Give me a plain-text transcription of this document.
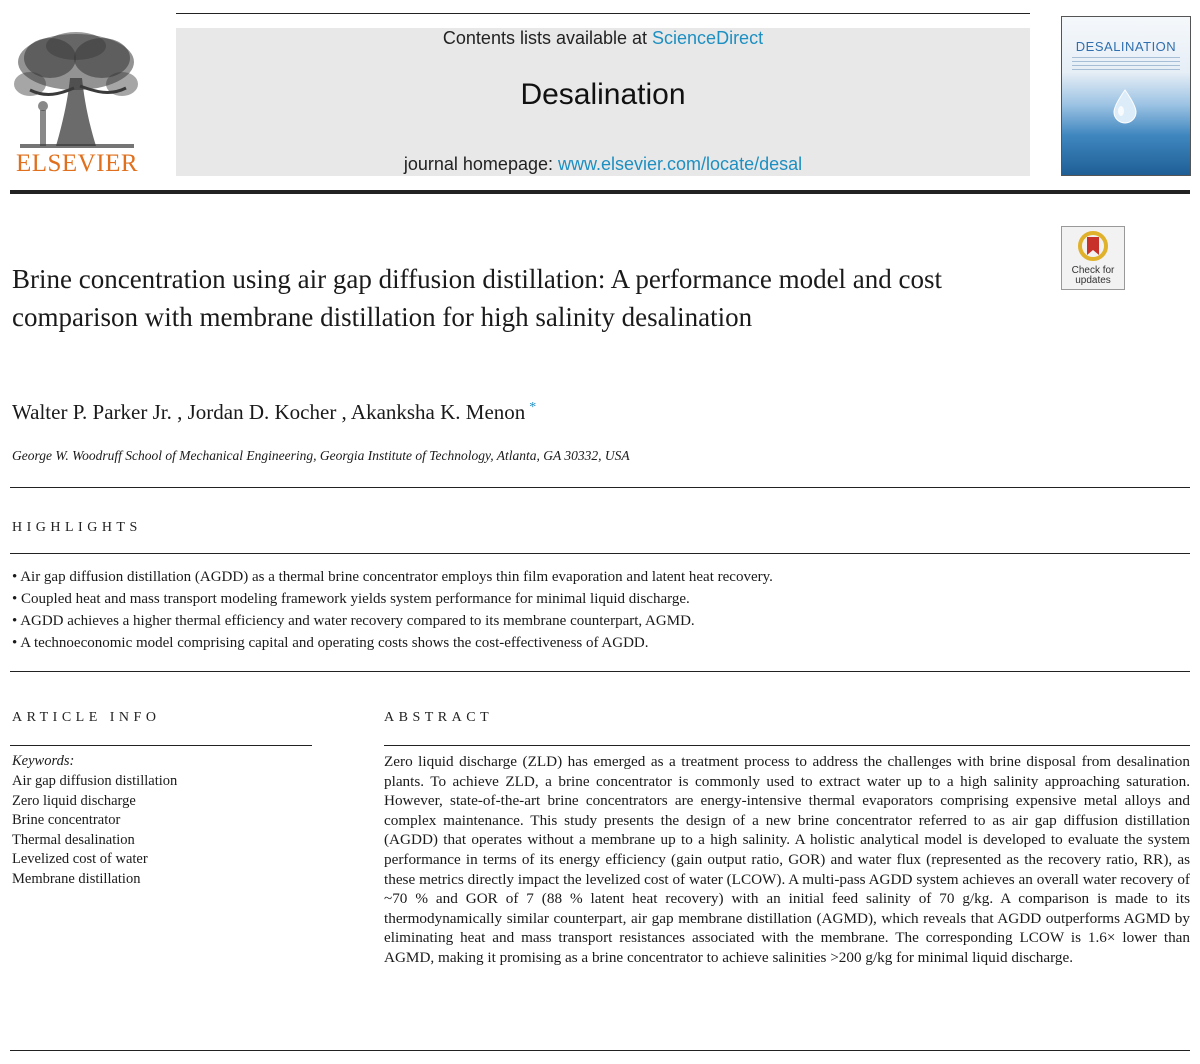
ELSEVIER
Contents lists available at ScienceDirect
Desalination
journal homepage: www.elsevier.com/locate/desal
DESALINATION
Check for
updates
Brine concentration using air gap diffusion distillation: A performance model and cost comparison with membrane distillation for high salinity desalination
Walter P. Parker Jr. , Jordan D. Kocher , Akanksha K. Menon *
George W. Woodruff School of Mechanical Engineering, Georgia Institute of Technology, Atlanta, GA 30332, USA
HIGHLIGHTS
• Air gap diffusion distillation (AGDD) as a thermal brine concentrator employs thin film evaporation and latent heat recovery.
• Coupled heat and mass transport modeling framework yields system performance for minimal liquid discharge.
• AGDD achieves a higher thermal efficiency and water recovery compared to its membrane counterpart, AGMD.
• A technoeconomic model comprising capital and operating costs shows the cost-effectiveness of AGDD.
ARTICLE INFO
Keywords:
Air gap diffusion distillation
Zero liquid discharge
Brine concentrator
Thermal desalination
Levelized cost of water
Membrane distillation
ABSTRACT

Zero liquid discharge (ZLD) has emerged as a treatment process to address the challenges with brine disposal from desalination plants. To achieve ZLD, a brine concentrator is commonly used to extract water up to a high salinity approaching saturation. However, state-of-the-art brine concentrators are energy-intensive thermal evaporators comprising expensive metal alloys and complex maintenance. This study presents the design of a new brine concentrator referred to as air gap diffusion distillation (AGDD) that operates without a membrane up to a high salinity. A holistic analytical model is developed to evaluate the system performance in terms of its energy efficiency (gain output ratio, GOR) and water flux (represented as the recovery ratio, RR), as these metrics directly impact the levelized cost of water (LCOW). A multi-pass AGDD system achieves an overall water recovery of ~70 % and GOR of 7 (88 % latent heat recovery) with an initial feed salinity of 70 g/kg. A comparison is made to its thermodynamically similar counterpart, air gap membrane distillation (AGMD), which reveals that AGDD outperforms AGMD by eliminating heat and mass transport resistances associated with the membrane. The corresponding LCOW is 1.6× lower than AGMD, making it promising as a brine concentrator to achieve salinities >200 g/kg for minimal liquid discharge.
